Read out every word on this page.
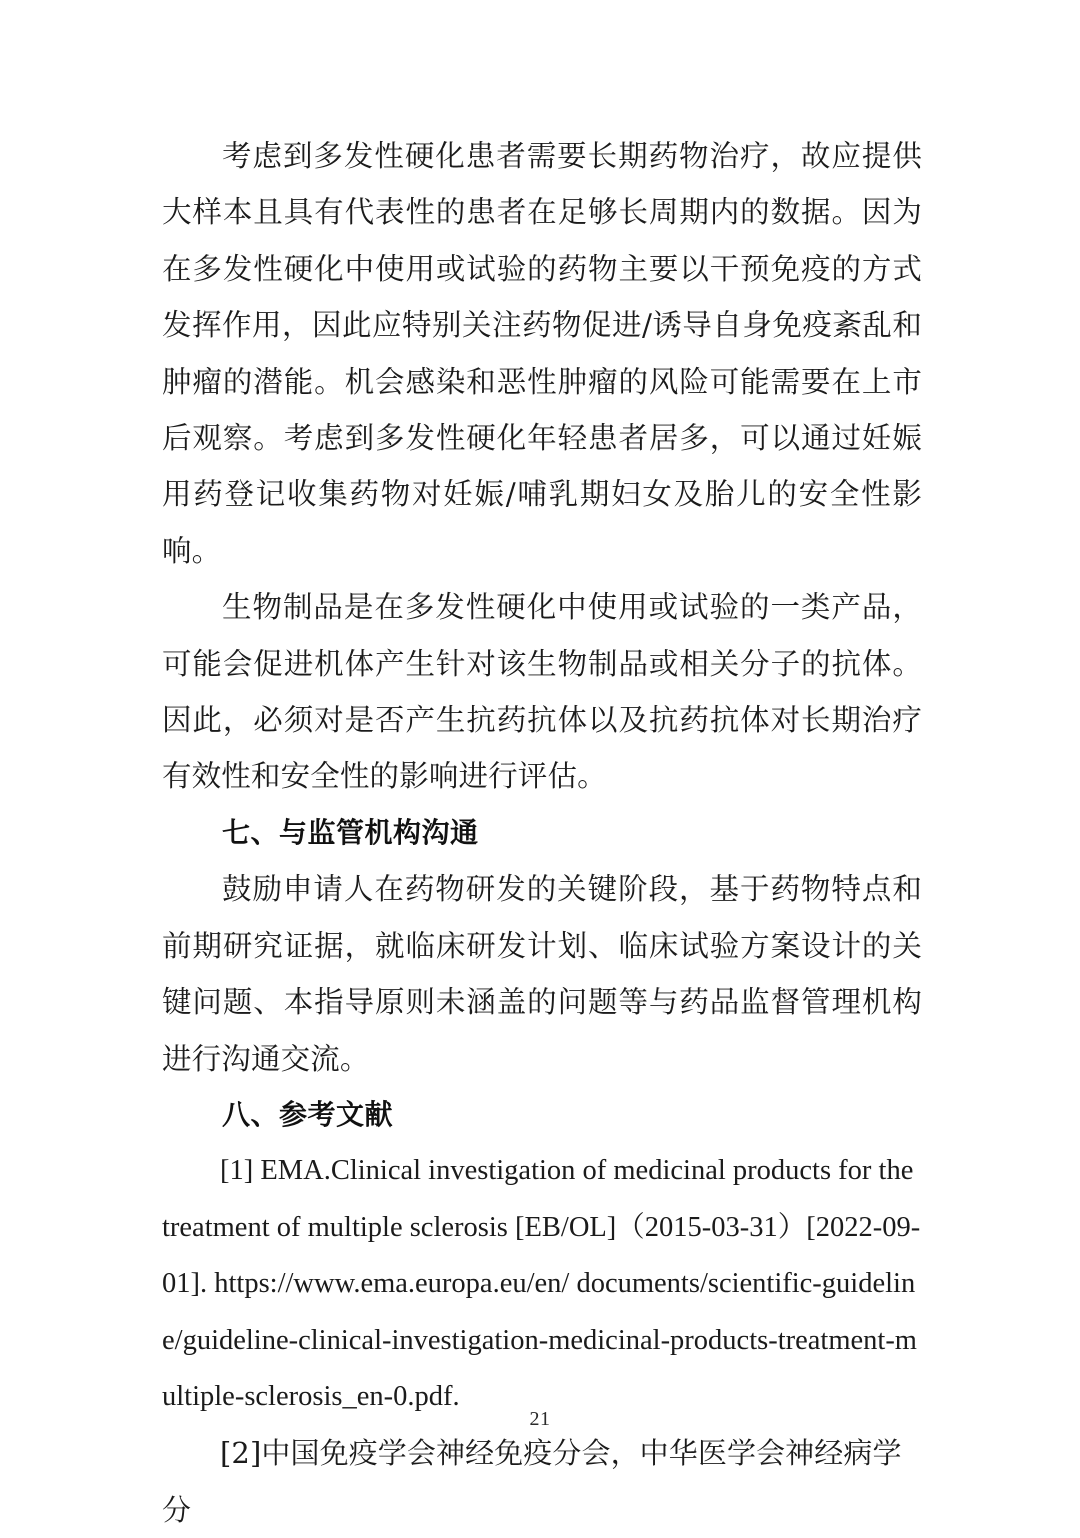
考虑到多发性硬化患者需要长期药物治疗，故应提供大样本且具有代表性的患者在足够长周期内的数据。因为在多发性硬化中使用或试验的药物主要以干预免疫的方式发挥作用，因此应特别关注药物促进/诱导自身免疫紊乱和肿瘤的潜能。机会感染和恶性肿瘤的风险可能需要在上市后观察。考虑到多发性硬化年轻患者居多，可以通过妊娠用药登记收集药物对妊娠/哺乳期妇女及胎儿的安全性影响。

生物制品是在多发性硬化中使用或试验的一类产品，可能会促进机体产生针对该生物制品或相关分子的抗体。因此，必须对是否产生抗药抗体以及抗药抗体对长期治疗有效性和安全性的影响进行评估。

七、与监管机构沟通

鼓励申请人在药物研发的关键阶段，基于药物特点和前期研究证据，就临床研发计划、临床试验方案设计的关键问题、本指导原则未涵盖的问题等与药品监督管理机构进行沟通交流。

八、参考文献

[1] EMA.Clinical investigation of medicinal products for the treatment of multiple sclerosis [EB/OL]（2015-03-31）[2022-09-01]. https://www.ema.europa.eu/en/ documents/scientific-guideline/guideline-clinical-investigation-medicinal-products-treatment-multiple-sclerosis_en-0.pdf.

[2]中国免疫学会神经免疫分会，中华医学会神经病学分

21
